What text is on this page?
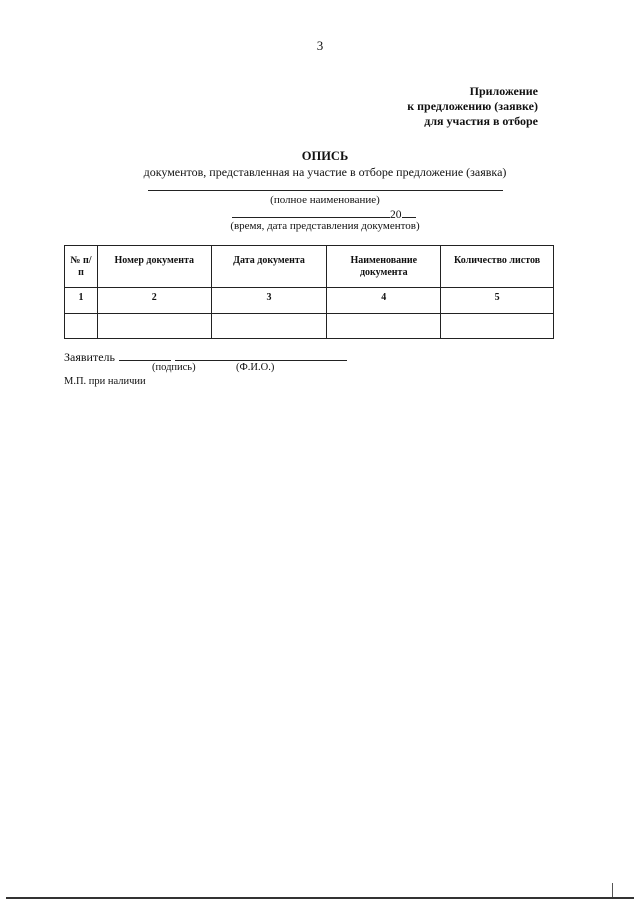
3
Приложение
к предложению (заявке)
для участия в отборе
ОПИСЬ
документов, представленная на участие в отборе предложение (заявка)
(полное наименование)
20
(время, дата представления документов)
№ п/п	Номер документа	Дата документа	Наименование документа	Количество листов
1	2	3	4	5

Заявитель
(подпись)	(Ф.И.О.)
М.П. при наличии
